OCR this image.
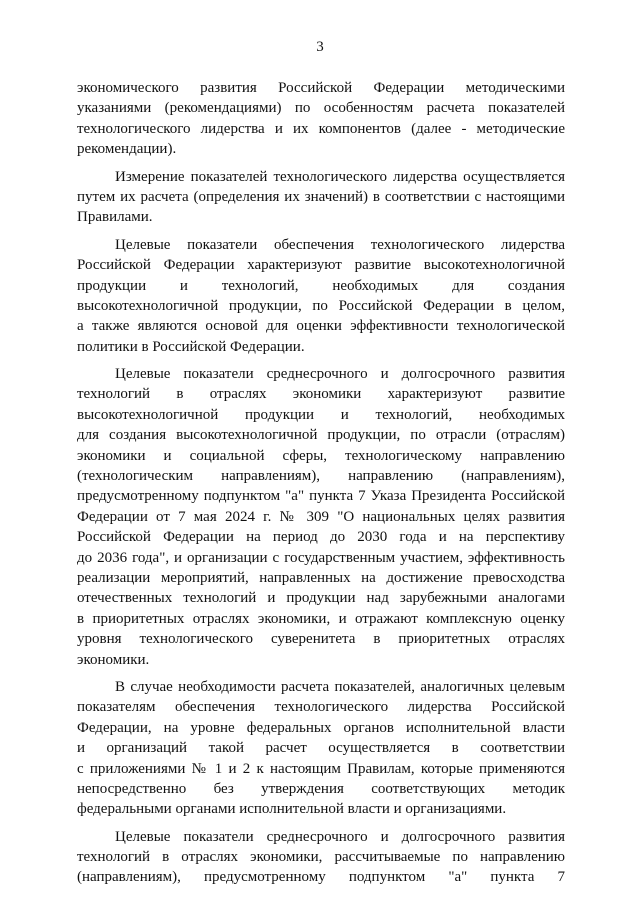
3
экономического развития Российской Федерации методическими
указаниями (рекомендациями) по особенностям расчета показателей
технологического лидерства и их компонентов (далее - методические
рекомендации).
Измерение показателей технологического лидерства осуществляется
путем их расчета (определения их значений) в соответствии с настоящими
Правилами.
Целевые показатели обеспечения технологического лидерства
Российской Федерации характеризуют развитие высокотехнологичной
продукции и технологий, необходимых для создания
высокотехнологичной продукции, по Российской Федерации в целом,
а также являются основой для оценки эффективности технологической
политики в Российской Федерации.
Целевые показатели среднесрочного и долгосрочного развития
технологий в отраслях экономики характеризуют развитие
высокотехнологичной продукции и технологий, необходимых
для создания высокотехнологичной продукции, по отрасли (отраслям)
экономики и социальной сферы, технологическому направлению
(технологическим направлениям), направлению (направлениям),
предусмотренному подпунктом "а" пункта 7 Указа Президента Российской
Федерации от 7 мая 2024 г. № 309 "О национальных целях развития
Российской Федерации на период до 2030 года и на перспективу
до 2036 года", и организации с государственным участием, эффективность
реализации мероприятий, направленных на достижение превосходства
отечественных технологий и продукции над зарубежными аналогами
в приоритетных отраслях экономики, и отражают комплексную оценку
уровня технологического суверенитета в приоритетных отраслях
экономики.
В случае необходимости расчета показателей, аналогичных целевым
показателям обеспечения технологического лидерства Российской
Федерации, на уровне федеральных органов исполнительной власти
и организаций такой расчет осуществляется в соответствии
с приложениями № 1 и 2 к настоящим Правилам, которые применяются
непосредственно без утверждения соответствующих методик
федеральными органами исполнительной власти и организациями.
Целевые показатели среднесрочного и долгосрочного развития
технологий в отраслях экономики, рассчитываемые по направлению
(направлениям), предусмотренному подпунктом "а" пункта 7
